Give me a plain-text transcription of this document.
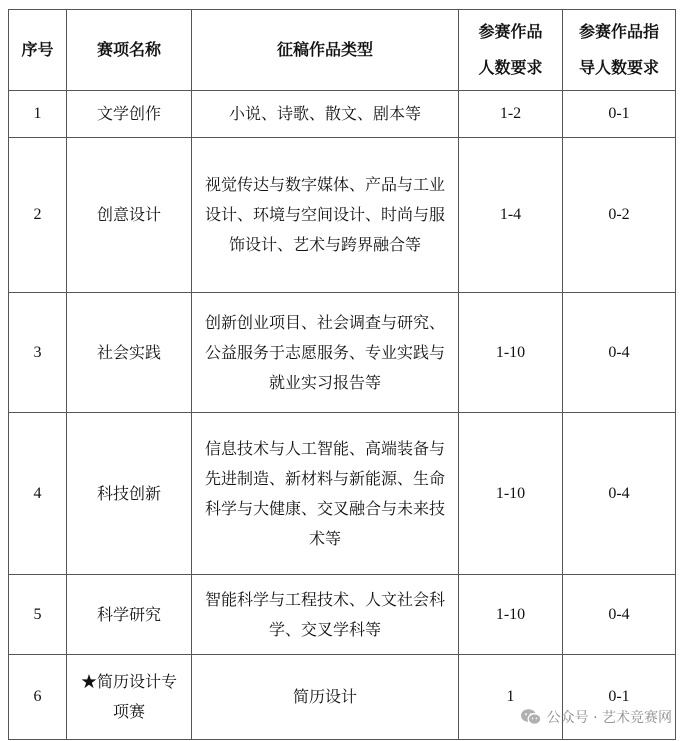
序号	赛项名称	征稿作品类型	参赛作品人数要求	参赛作品指导人数要求
1	文学创作	小说、诗歌、散文、剧本等	1-2	0-1
2	创意设计	视觉传达与数字媒体、产品与工业设计、环境与空间设计、时尚与服饰设计、艺术与跨界融合等	1-4	0-2
3	社会实践	创新创业项目、社会调查与研究、公益服务于志愿服务、专业实践与就业实习报告等	1-10	0-4
4	科技创新	信息技术与人工智能、高端装备与先进制造、新材料与新能源、生命科学与大健康、交叉融合与未来技术等	1-10	0-4
5	科学研究	智能科学与工程技术、人文社会科学、交叉学科等	1-10	0-4
6	★简历设计专项赛	简历设计	1	0-1
公众号 · 艺术竞赛网
